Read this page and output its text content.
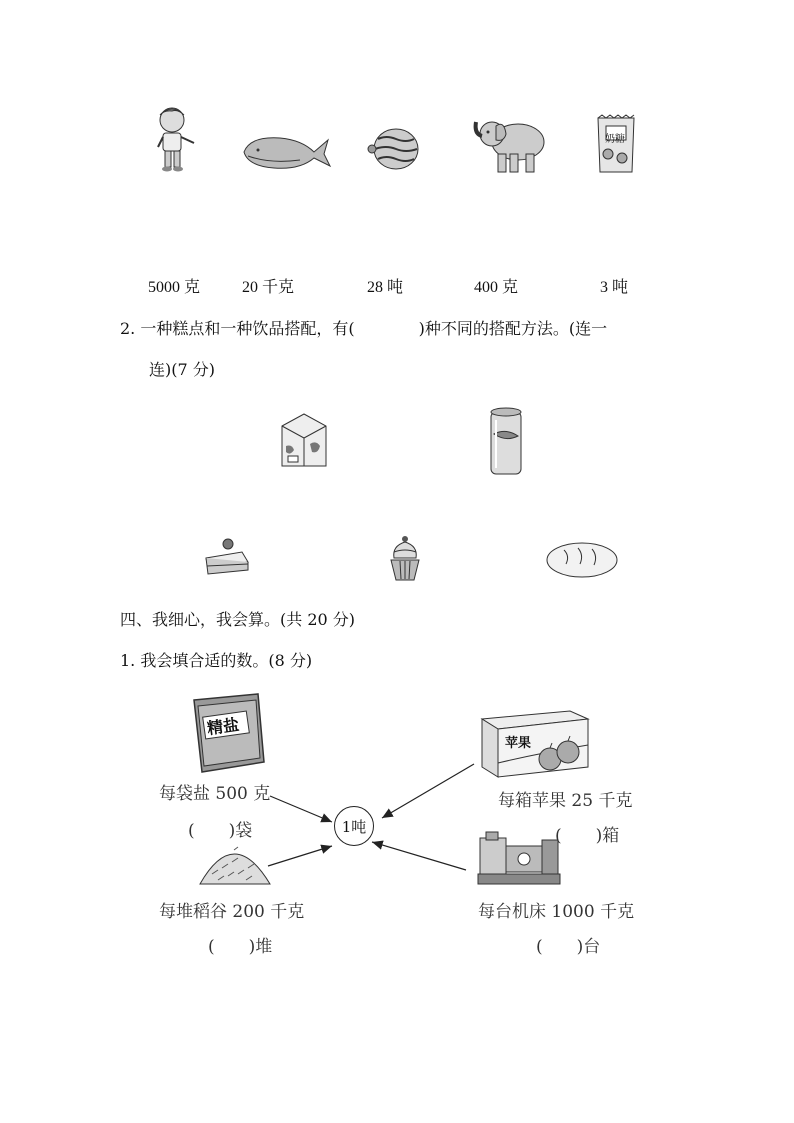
奶糖
5000 克	20 千克	28 吨	400 克	3 吨
2. 一种糕点和一种饮品搭配，有(　　　　)种不同的搭配方法。(连一
连)(7 分)
四、我细心，我会算。(共 20 分)
1. 我会填合适的数。(8 分)
精盐
苹果
1吨
每袋盐 500 克
(　　)袋
每箱苹果 25 千克
(　　)箱
每堆稻谷 200 千克
(　　)堆
每台机床 1000 千克
(　　)台
